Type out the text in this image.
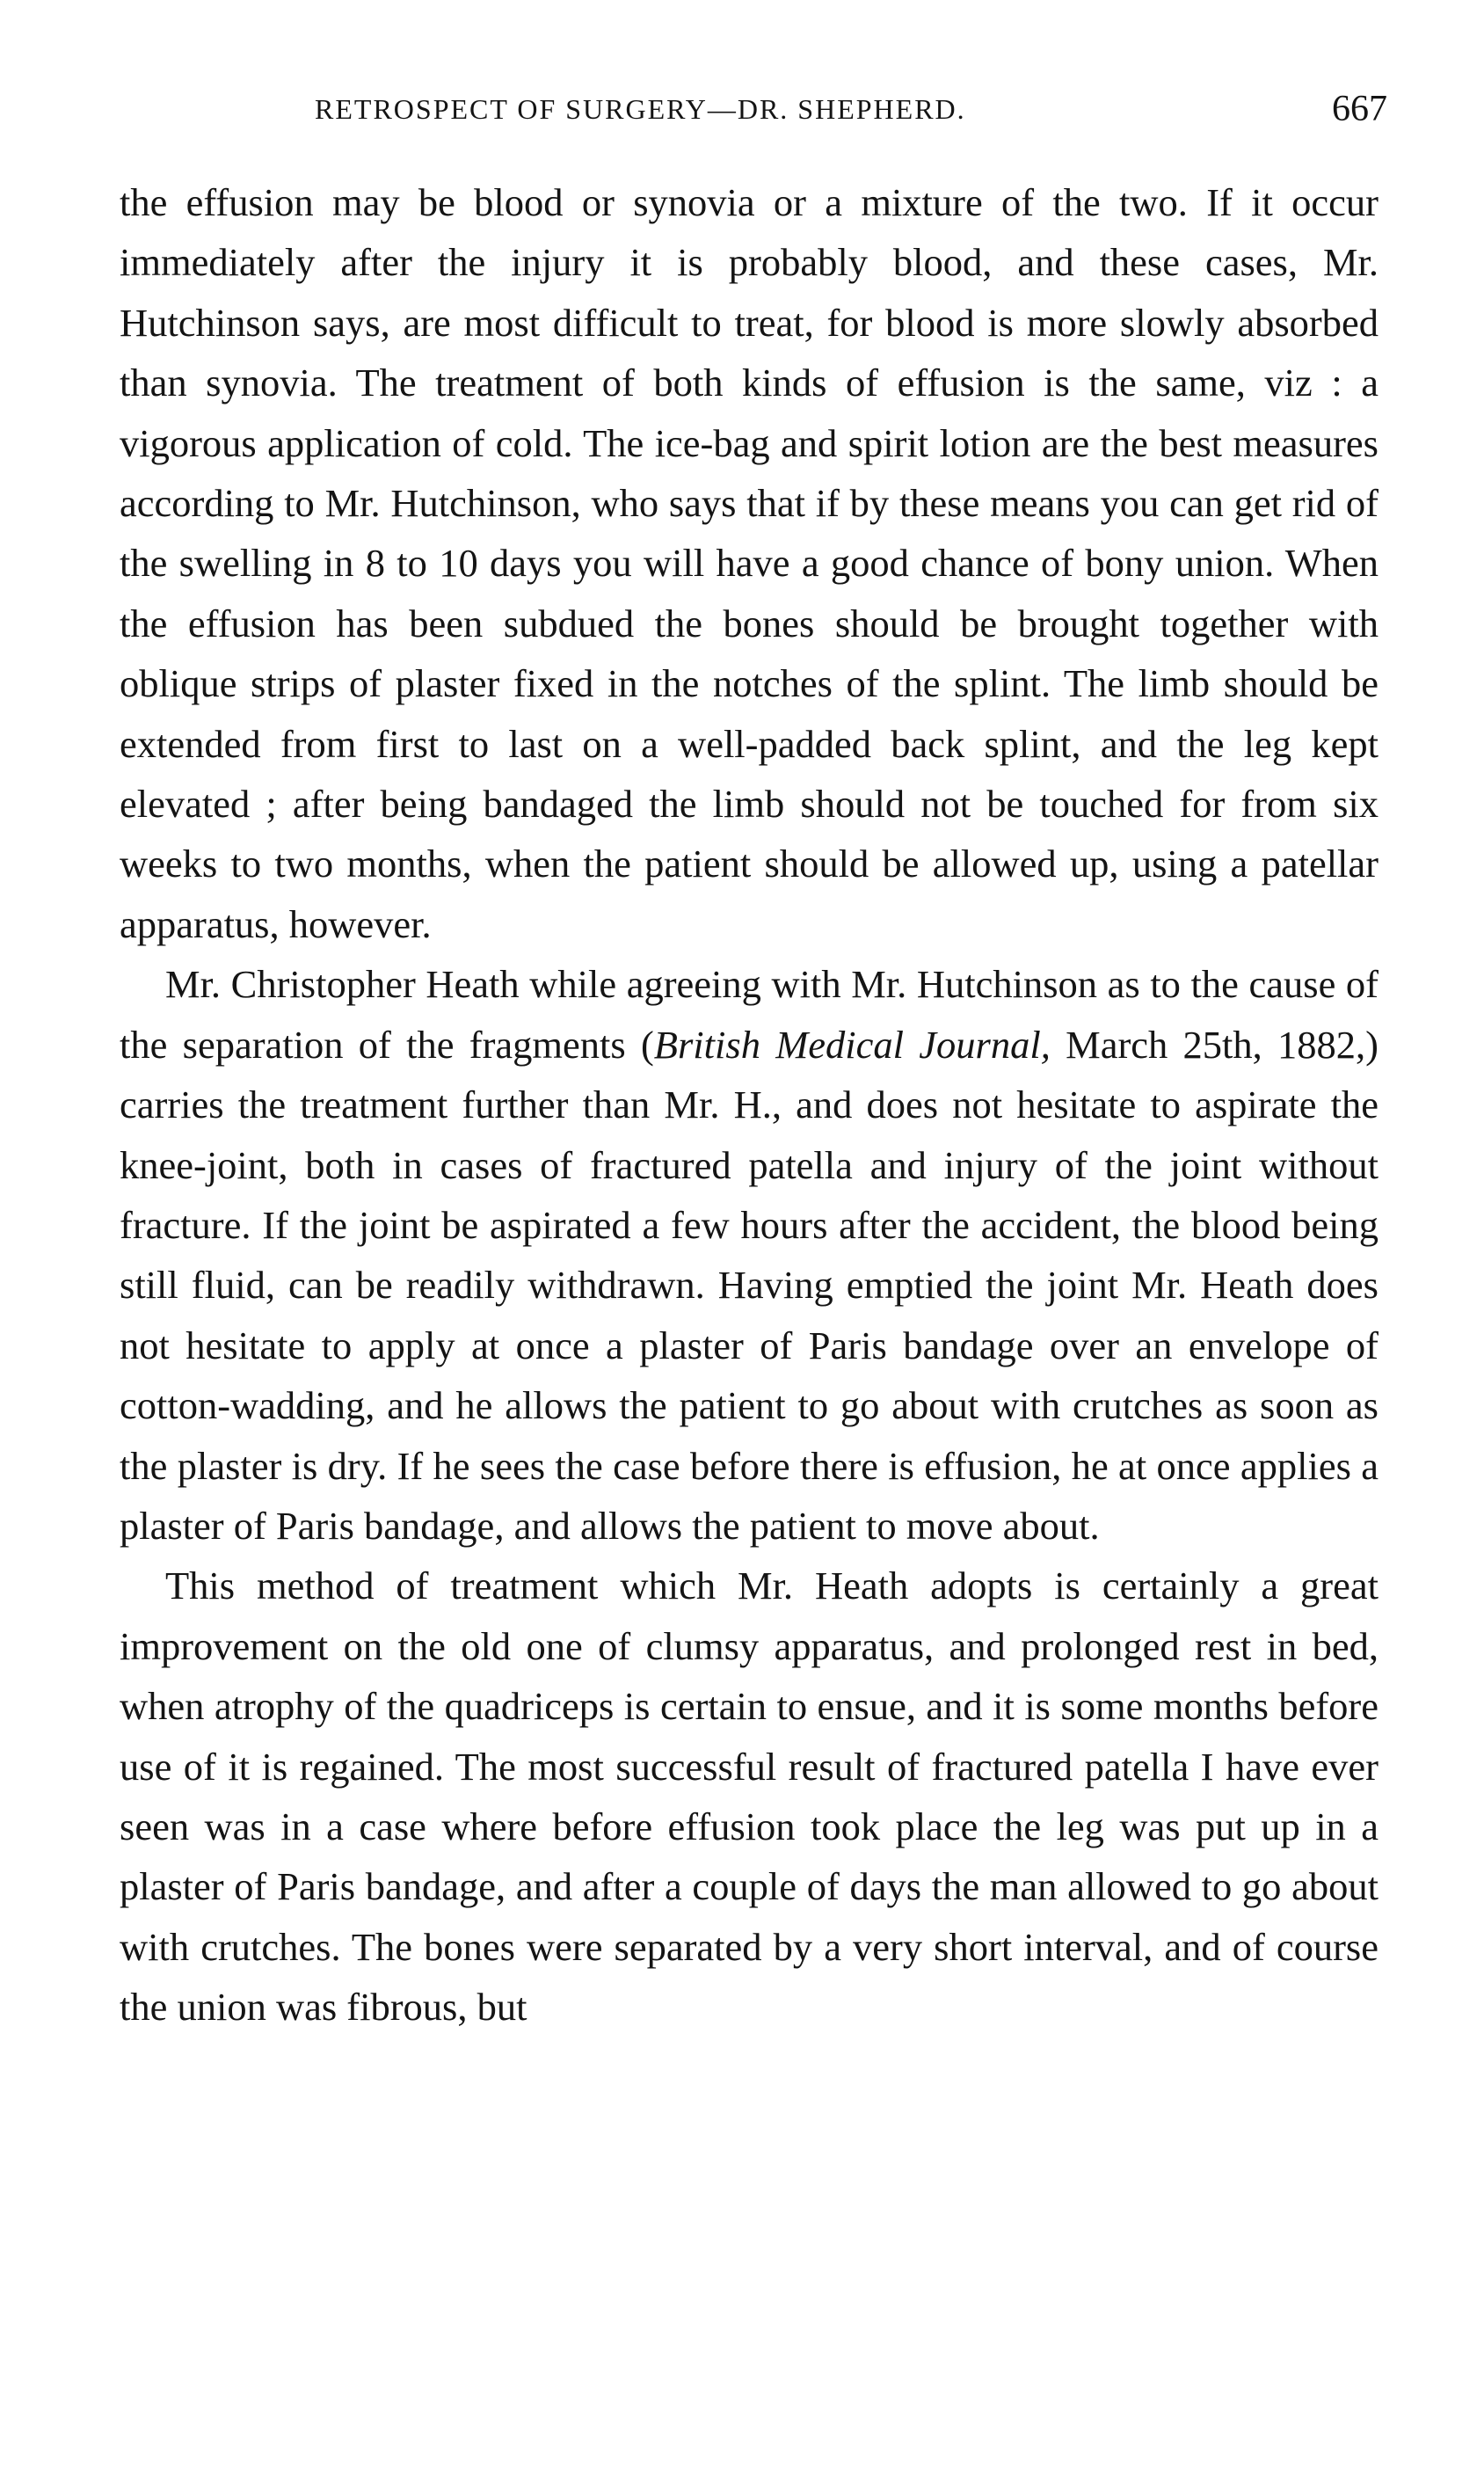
RETROSPECT OF SURGERY—DR. SHEPHERD.	667

the effusion may be blood or synovia or a mixture of the two. If it occur immediately after the injury it is probably blood, and these cases, Mr. Hutchinson says, are most difficult to treat, for blood is more slowly absorbed than synovia. The treatment of both kinds of effusion is the same, viz : a vigorous application of cold. The ice-bag and spirit lotion are the best measures according to Mr. Hutchinson, who says that if by these means you can get rid of the swelling in 8 to 10 days you will have a good chance of bony union. When the effusion has been subdued the bones should be brought together with oblique strips of plaster fixed in the notches of the splint. The limb should be extended from first to last on a well-padded back splint, and the leg kept elevated ; after being bandaged the limb should not be touched for from six weeks to two months, when the patient should be allowed up, using a patellar apparatus, however.

Mr. Christopher Heath while agreeing with Mr. Hutchinson as to the cause of the separation of the fragments (British Medical Journal, March 25th, 1882,) carries the treatment further than Mr. H., and does not hesitate to aspirate the knee-joint, both in cases of fractured patella and injury of the joint without fracture. If the joint be aspirated a few hours after the accident, the blood being still fluid, can be readily withdrawn. Having emptied the joint Mr. Heath does not hesitate to apply at once a plaster of Paris bandage over an envelope of cotton-wadding, and he allows the patient to go about with crutches as soon as the plaster is dry. If he sees the case before there is effusion, he at once applies a plaster of Paris bandage, and allows the patient to move about.

This method of treatment which Mr. Heath adopts is certainly a great improvement on the old one of clumsy apparatus, and prolonged rest in bed, when atrophy of the quadriceps is certain to ensue, and it is some months before use of it is regained. The most successful result of fractured patella I have ever seen was in a case where before effusion took place the leg was put up in a plaster of Paris bandage, and after a couple of days the man allowed to go about with crutches. The bones were separated by a very short interval, and of course the union was fibrous, but
